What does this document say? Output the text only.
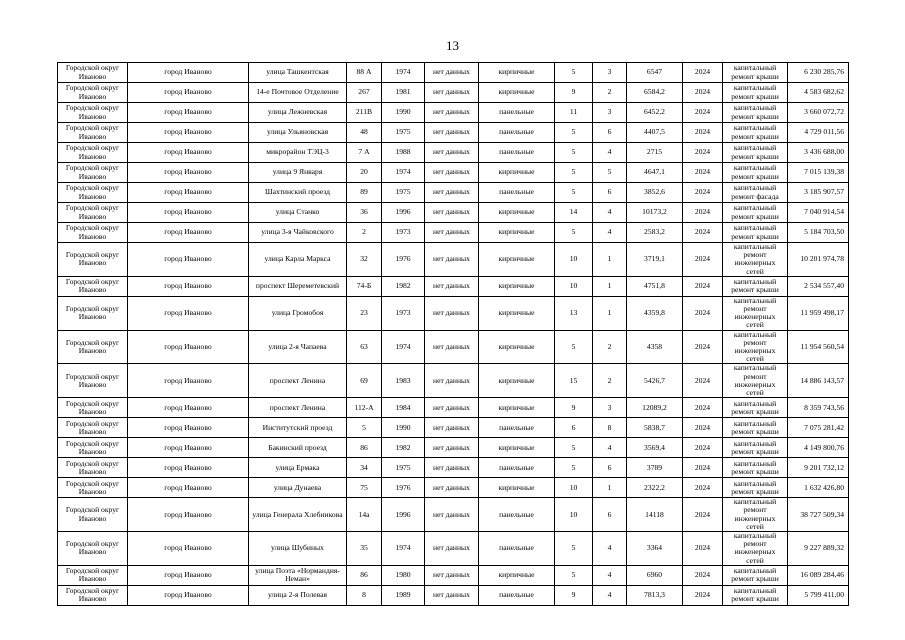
13
Городской округ Иваново	город Иваново	улица Ташкентская	88 А	1974	нет данных	кирпичные	5	3	6547	2024	капитальный ремонт крыши	6 230 285,76
Городской округ Иваново	город Иваново	14-е Почтовое Отделение	267	1981	нет данных	кирпичные	9	2	6584,2	2024	капитальный ремонт крыши	4 583 682,62
Городской округ Иваново	город Иваново	улица Лежневская	211В	1990	нет данных	панельные	11	3	6452,2	2024	капитальный ремонт крыши	3 660 072,72
Городской округ Иваново	город Иваново	улица Ульяновская	48	1975	нет данных	панельные	5	6	4407,5	2024	капитальный ремонт крыши	4 729 011,56
Городской округ Иваново	город Иваново	микрорайон ТЭЦ-3	7 А	1988	нет данных	панельные	5	4	2715	2024	капитальный ремонт крыши	3 436 688,00
Городской округ Иваново	город Иваново	улица 9 Января	20	1974	нет данных	кирпичные	5	5	4647,1	2024	капитальный ремонт крыши	7 015 139,38
Городской округ Иваново	город Иваново	Шахтинский проезд	89	1975	нет данных	панельные	5	6	3852,6	2024	капитальный ремонт фасада	3 185 907,57
Городской округ Иваново	город Иваново	улица Станко	36	1996	нет данных	кирпичные	14	4	10173,2	2024	капитальный ремонт крыши	7 040 914,54
Городской округ Иваново	город Иваново	улица 3-я Чайковского	2	1973	нет данных	кирпичные	5	4	2583,2	2024	капитальный ремонт крыши	5 184 703,50
Городской округ Иваново	город Иваново	улица Карла Маркса	32	1976	нет данных	кирпичные	10	1	3719,1	2024	капитальный ремонт инженерных сетей	10 201 974,78
Городской округ Иваново	город Иваново	проспект Шереметевский	74-Б	1982	нет данных	кирпичные	10	1	4751,8	2024	капитальный ремонт крыши	2 534 557,40
Городской округ Иваново	город Иваново	улица Громобоя	23	1973	нет данных	кирпичные	13	1	4359,8	2024	капитальный ремонт инженерных сетей	11 959 498,17
Городской округ Иваново	город Иваново	улица 2-я Чапаева	63	1974	нет данных	кирпичные	5	2	4358	2024	капитальный ремонт инженерных сетей	11 954 560,54
Городской округ Иваново	город Иваново	проспект Ленина	69	1983	нет данных	кирпичные	15	2	5426,7	2024	капитальный ремонт инженерных сетей	14 886 143,57
Городской округ Иваново	город Иваново	проспект Ленина	112-А	1984	нет данных	кирпичные	9	3	12089,2	2024	капитальный ремонт крыши	8 359 743,56
Городской округ Иваново	город Иваново	Институтский проезд	5	1990	нет данных	панельные	6	8	5838,7	2024	капитальный ремонт крыши	7 075 281,42
Городской округ Иваново	город Иваново	Бакинский проезд	86	1982	нет данных	кирпичные	5	4	3569,4	2024	капитальный ремонт крыши	4 149 800,76
Городской округ Иваново	город Иваново	улица Ермака	34	1975	нет данных	панельные	5	6	3789	2024	капитальный ремонт крыши	9 201 732,12
Городской округ Иваново	город Иваново	улица Дунаева	75	1976	нет данных	кирпичные	10	1	2322,2	2024	капитальный ремонт крыши	1 632 426,80
Городской округ Иваново	город Иваново	улица Генерала Хлебникова	14а	1996	нет данных	панельные	10	6	14118	2024	капитальный ремонт инженерных сетей	38 727 509,34
Городской округ Иваново	город Иваново	улица Шубиных	35	1974	нет данных	панельные	5	4	3364	2024	капитальный ремонт инженерных сетей	9 227 889,32
Городской округ Иваново	город Иваново	улица Поэта «Нормандия-Неман»	86	1980	нет данных	кирпичные	5	4	6960	2024	капитальный ремонт крыши	16 089 284,46
Городской округ Иваново	город Иваново	улица 2-я Полевая	8	1989	нет данных	панельные	9	4	7813,3	2024	капитальный ремонт крыши	5 799 411,00
